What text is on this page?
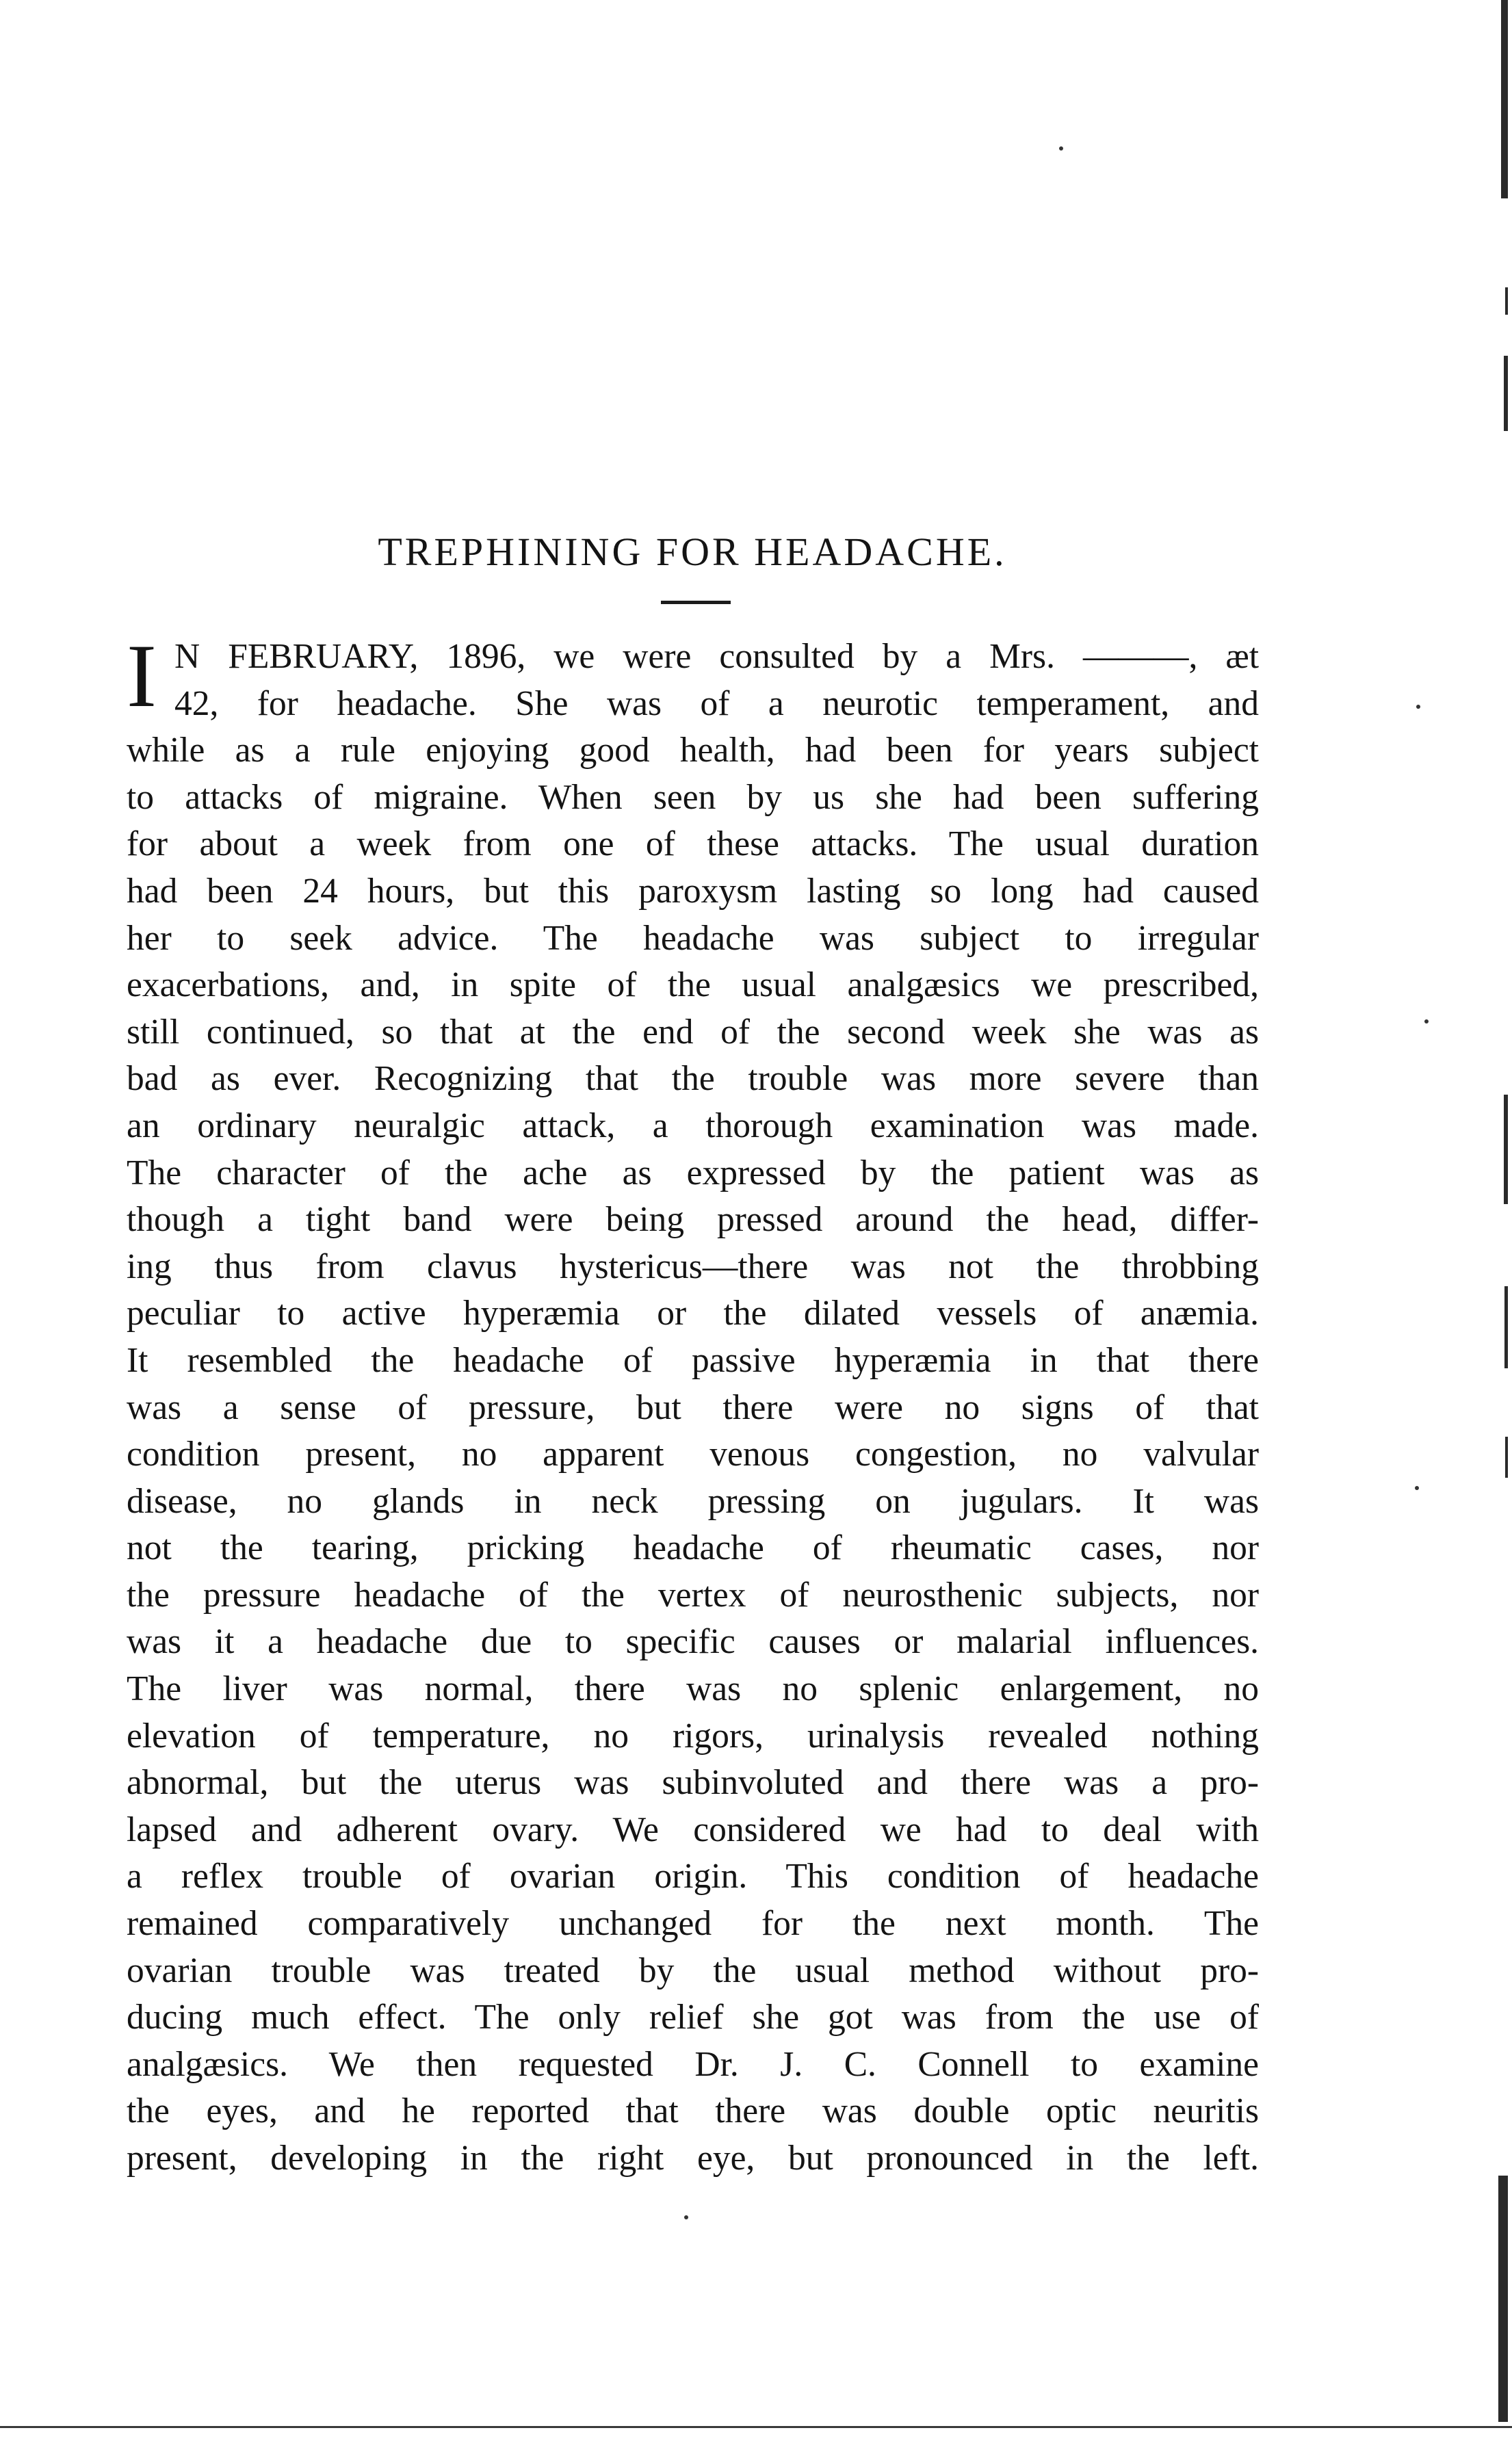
TREPHINING FOR HEADACHE.
I N FEBRUARY, 1896, we were consulted by a Mrs. ———, æt
42, for headache. She was of a neurotic temperament, and
while as a rule enjoying good health, had been for years subject
to attacks of migraine. When seen by us she had been suffering
for about a week from one of these attacks. The usual duration
had been 24 hours, but this paroxysm lasting so long had caused
her to seek advice. The headache was subject to irregular
exacerbations, and, in spite of the usual analgæsics we prescribed,
still continued, so that at the end of the second week she was as
bad as ever. Recognizing that the trouble was more severe than
an ordinary neuralgic attack, a thorough examination was made.
The character of the ache as expressed by the patient was as
though a tight band were being pressed around the head, differ-
ing thus from clavus hystericus—there was not the throbbing
peculiar to active hyperæmia or the dilated vessels of anæmia.
It resembled the headache of passive hyperæmia in that there
was a sense of pressure, but there were no signs of that
condition present, no apparent venous congestion, no valvular
disease, no glands in neck pressing on jugulars. It was
not the tearing, pricking headache of rheumatic cases, nor
the pressure headache of the vertex of neurosthenic subjects, nor
was it a headache due to specific causes or malarial influences.
The liver was normal, there was no splenic enlargement, no
elevation of temperature, no rigors, urinalysis revealed nothing
abnormal, but the uterus was subinvoluted and there was a pro-
lapsed and adherent ovary. We considered we had to deal with
a reflex trouble of ovarian origin. This condition of headache
remained comparatively unchanged for the next month. The
ovarian trouble was treated by the usual method without pro-
ducing much effect. The only relief she got was from the use of
analgæsics. We then requested Dr. J. C. Connell to examine
the eyes, and he reported that there was double optic neuritis
present, developing in the right eye, but pronounced in the left.
